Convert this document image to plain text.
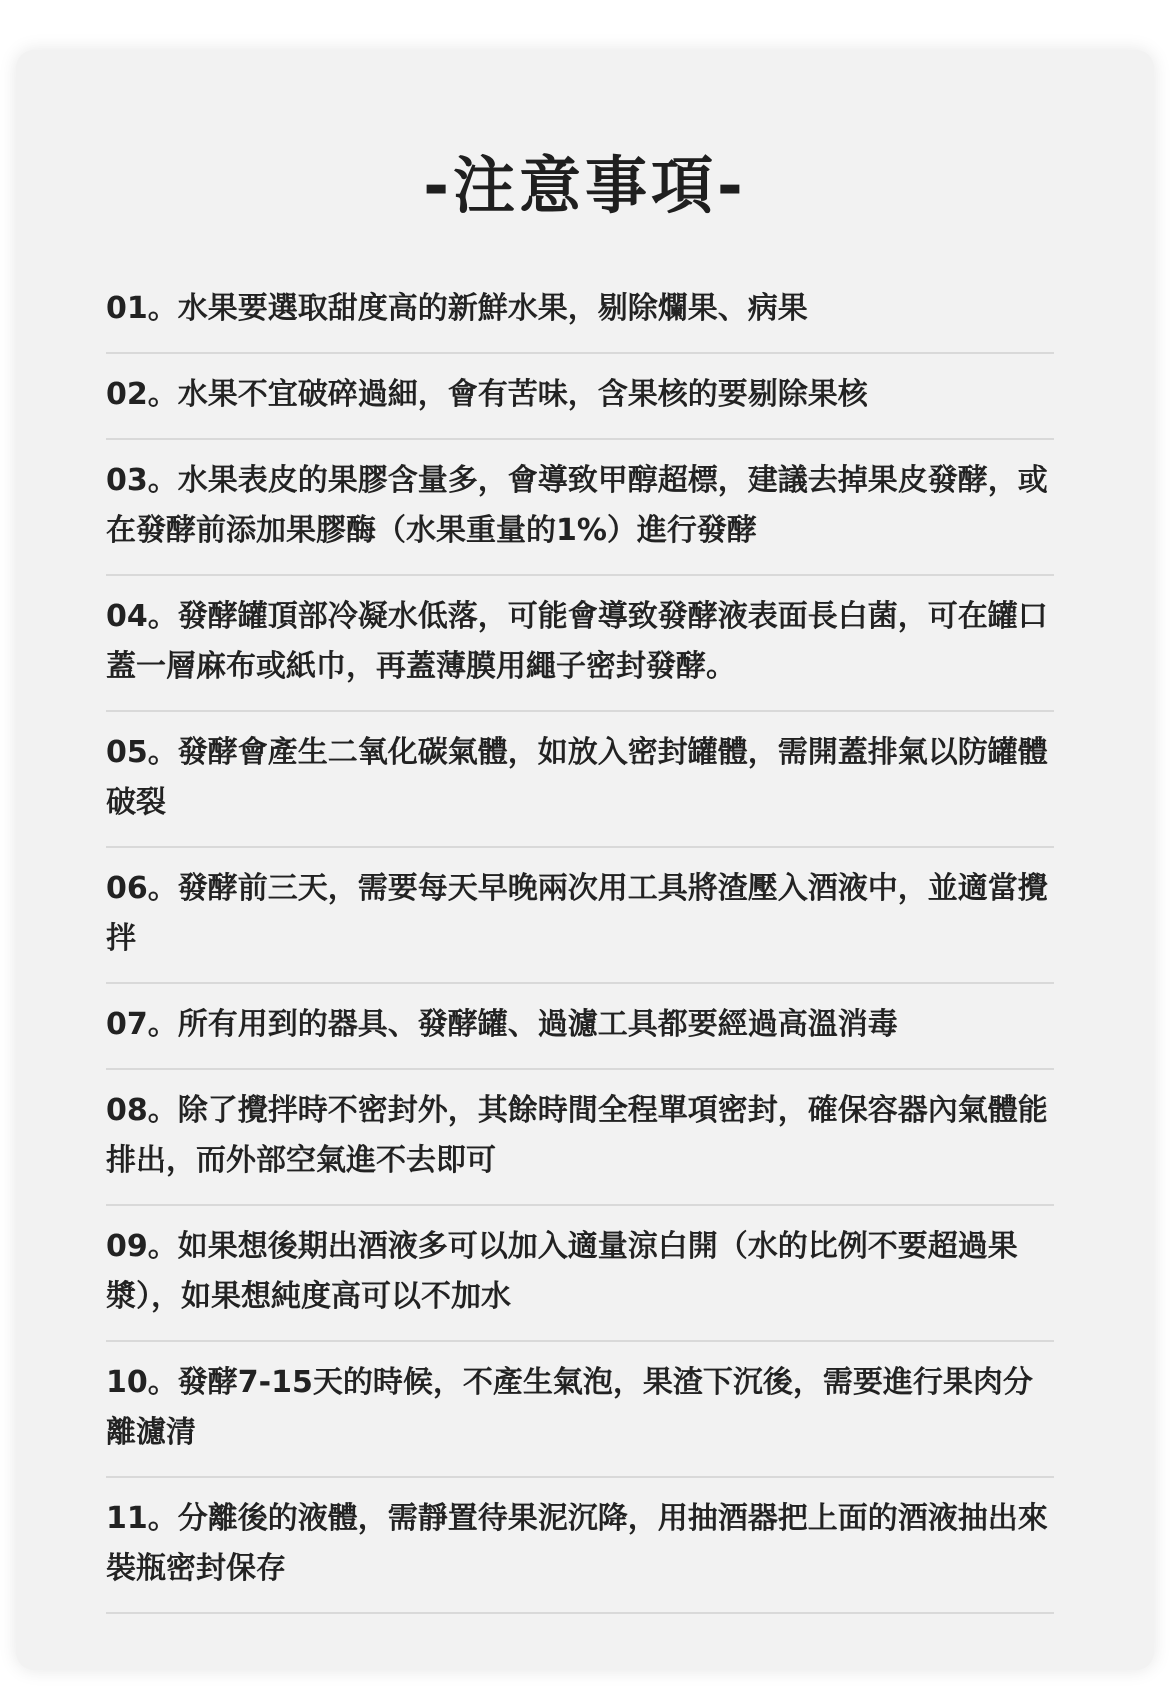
-注意事項-
01。水果要選取甜度高的新鮮水果，剔除爛果、病果
02。水果不宜破碎過細，會有苦味，含果核的要剔除果核
03。水果表皮的果膠含量多，會導致甲醇超標，建議去掉果皮發酵，或在發酵前添加果膠酶（水果重量的1%）進行發酵
04。發酵罐頂部冷凝水低落，可能會導致發酵液表面長白菌，可在罐口蓋一層麻布或紙巾，再蓋薄膜用繩子密封發酵。
05。發酵會產生二氧化碳氣體，如放入密封罐體，需開蓋排氣以防罐體破裂
06。發酵前三天，需要每天早晚兩次用工具將渣壓入酒液中，並適當攪拌
07。所有用到的器具、發酵罐、過濾工具都要經過高溫消毒
08。除了攪拌時不密封外，其餘時間全程單項密封，確保容器內氣體能排出，而外部空氣進不去即可
09。如果想後期出酒液多可以加入適量涼白開（水的比例不要超過果漿），如果想純度高可以不加水
10。發酵7-15天的時候，不產生氣泡，果渣下沉後，需要進行果肉分離濾清
11。分離後的液體，需靜置待果泥沉降，用抽酒器把上面的酒液抽出來裝瓶密封保存
